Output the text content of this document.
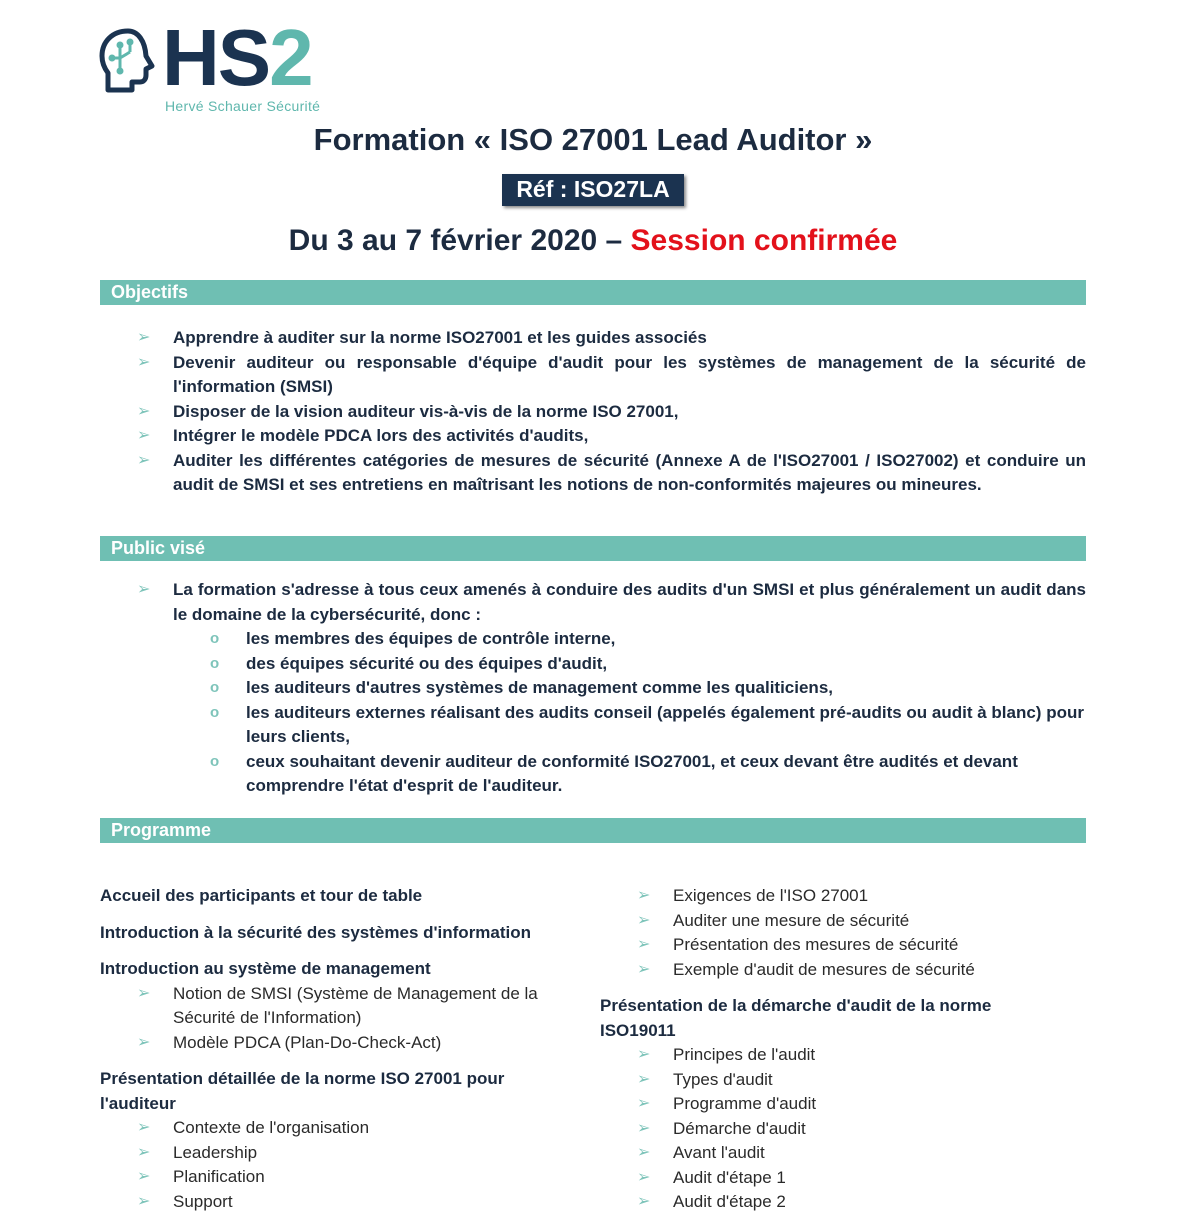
HS2
Hervé Schauer Sécurité
Formation « ISO 27001 Lead Auditor »
Réf : ISO27LA
Du 3 au 7 février 2020 – Session confirmée
Objectifs
➢ Apprendre à auditer sur la norme ISO27001 et les guides associés
➢ Devenir auditeur ou responsable d'équipe d'audit pour les systèmes de management de la sécurité de l'information (SMSI)
➢ Disposer de la vision auditeur vis-à-vis de la norme ISO 27001,
➢ Intégrer le modèle PDCA lors des activités d'audits,
➢ Auditer les différentes catégories de mesures de sécurité (Annexe A de l'ISO27001 / ISO27002) et conduire un audit de SMSI et ses entretiens en maîtrisant les notions de non-conformités majeures ou mineures.
Public visé
➢ La formation s'adresse à tous ceux amenés à conduire des audits d'un SMSI et plus généralement un audit dans le domaine de la cybersécurité, donc :
o les membres des équipes de contrôle interne,
o des équipes sécurité ou des équipes d'audit,
o les auditeurs d'autres systèmes de management comme les qualiticiens,
o les auditeurs externes réalisant des audits conseil (appelés également pré-audits ou audit à blanc) pour leurs clients,
o ceux souhaitant devenir auditeur de conformité ISO27001, et ceux devant être audités et devant comprendre l'état d'esprit de l'auditeur.
Programme

Accueil des participants et tour de table

Introduction à la sécurité des systèmes d'information

Introduction au système de management

➢ Notion de SMSI (Système de Management de la Sécurité de l'Information)
➢ Modèle PDCA (Plan-Do-Check-Act)

Présentation détaillée de la norme ISO 27001 pour l'auditeur

➢ Contexte de l'organisation
➢ Leadership
➢ Planification
➢ Support
➢ Exigences de l'ISO 27001
➢ Auditer une mesure de sécurité
➢ Présentation des mesures de sécurité
➢ Exemple d'audit de mesures de sécurité

Présentation de la démarche d'audit de la norme ISO19011

➢ Principes de l'audit
➢ Types d'audit
➢ Programme d'audit
➢ Démarche d'audit
➢ Avant l'audit
➢ Audit d'étape 1
➢ Audit d'étape 2
